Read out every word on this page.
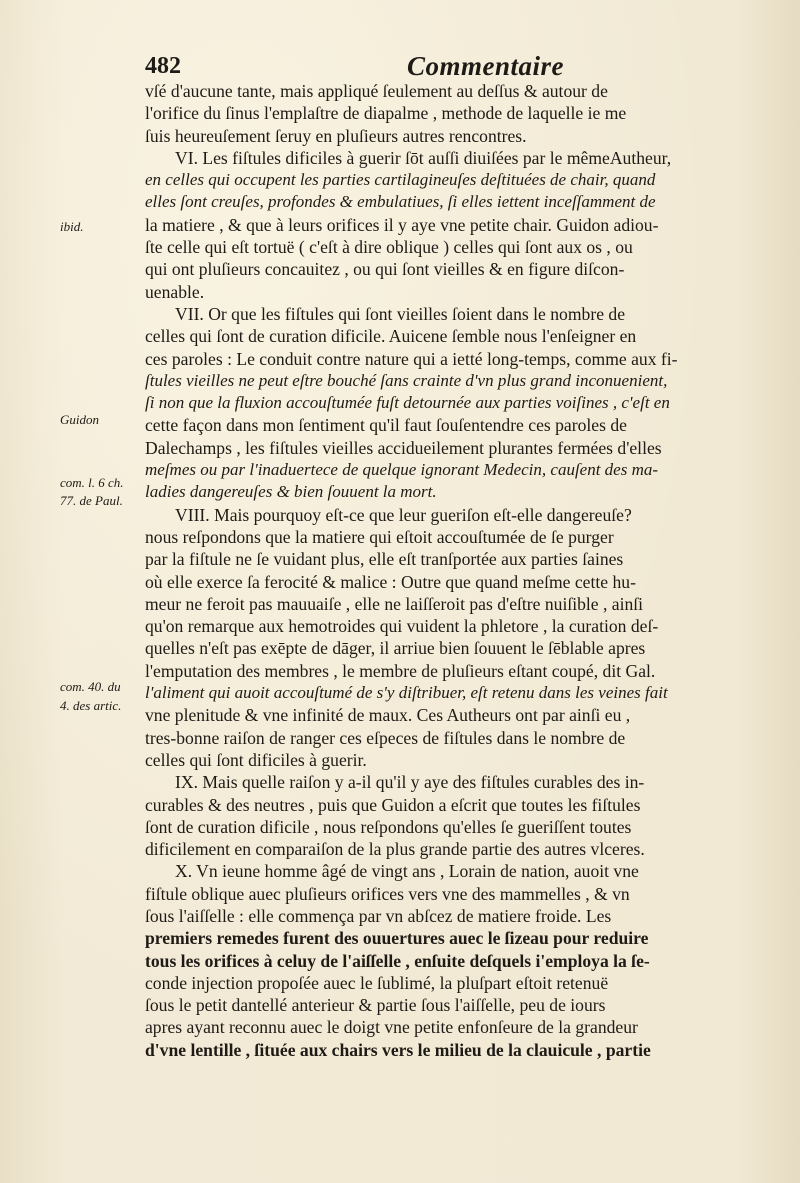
482	Commentaire
ibid.
Guidon
com. l. 6 ch.
77. de Paul.
com. 40. du
4. des artic.
vſé d'aucune tante, mais appliqué ſeulement au deſſus & autour de
l'orifice du ſinus l'emplaſtre de diapalme , methode de laquelle ie me
ſuis heureuſement ſeruy en pluſieurs autres rencontres.
VI. Les fiſtules dificiles à guerir ſōt auſſi diuiſées par le mêmeAutheur,
en celles qui occupent les parties cartilagineuſes deſtituées de chair, quand
elles ſont creuſes, profondes & embulatiues, ſi elles iettent inceſſamment de
la matiere , & que à leurs orifices il y aye vne petite chair. Guidon adiou-
ſte celle qui eſt tortuë ( c'eſt à dire oblique ) celles qui ſont aux os , ou
qui ont pluſieurs concauitez , ou qui ſont vieilles & en figure diſcon-
uenable.
VII. Or que les fiſtules qui ſont vieilles ſoient dans le nombre de
celles qui ſont de curation dificile. Auicene ſemble nous l'enſeigner en
ces paroles : Le conduit contre nature qui a ietté long-temps, comme aux fi-
ſtules vieilles ne peut eſtre bouché ſans crainte d'vn plus grand inconuenient,
ſi non que la fluxion accouſtumée fuſt detournée aux parties voiſines , c'eſt en
cette façon dans mon ſentiment qu'il faut ſouſentendre ces paroles de
Dalechamps , les fiſtules vieilles accidueilement plurantes fermées d'elles
meſmes ou par l'inaduertece de quelque ignorant Medecin, cauſent des ma-
ladies dangereuſes & bien ſouuent la mort.
VIII. Mais pourquoy eſt-ce que leur gueriſon eſt-elle dangereuſe?
nous reſpondons que la matiere qui eſtoit accouſtumée de ſe purger
par la fiſtule ne ſe vuidant plus, elle eſt tranſportée aux parties ſaines
où elle exerce ſa ferocité & malice : Outre que quand meſme cette hu-
meur ne feroit pas mauuaiſe , elle ne laiſſeroit pas d'eſtre nuiſible , ainſi
qu'on remarque aux hemotroides qui vuident la phletore , la curation deſ-
quelles n'eſt pas exēpte de dāger, il arriue bien ſouuent le ſēblable apres
l'emputation des membres , le membre de pluſieurs eſtant coupé, dit Gal.
l'aliment qui auoit accouſtumé de s'y diſtribuer, eſt retenu dans les veines fait
vne plenitude & vne infinité de maux. Ces Autheurs ont par ainſi eu ,
tres-bonne raiſon de ranger ces eſpeces de fiſtules dans le nombre de
celles qui ſont dificiles à guerir.
IX. Mais quelle raiſon y a-il qu'il y aye des fiſtules curables des in-
curables & des neutres , puis que Guidon a eſcrit que toutes les fiſtules
ſont de curation dificile , nous reſpondons qu'elles ſe gueriſſent toutes
dificilement en comparaiſon de la plus grande partie des autres vlceres.
X. Vn ieune homme âgé de vingt ans , Lorain de nation, auoit vne
fiſtule oblique auec pluſieurs orifices vers vne des mammelles , & vn
ſous l'aiſſelle : elle commença par vn abſcez de matiere froide. Les
premiers remedes furent des ouuertures auec le ſizeau pour reduire
tous les orifices à celuy de l'aiſſelle , enſuite deſquels i'employa la ſe-
conde injection propoſée auec le ſublimé, la pluſpart eſtoit retenuë
ſous le petit dantellé anterieur & partie ſous l'aiſſelle, peu de iours
apres ayant reconnu auec le doigt vne petite enfonſeure de la grandeur
d'vne lentille , ſituée aux chairs vers le milieu de la clauicule , partie
